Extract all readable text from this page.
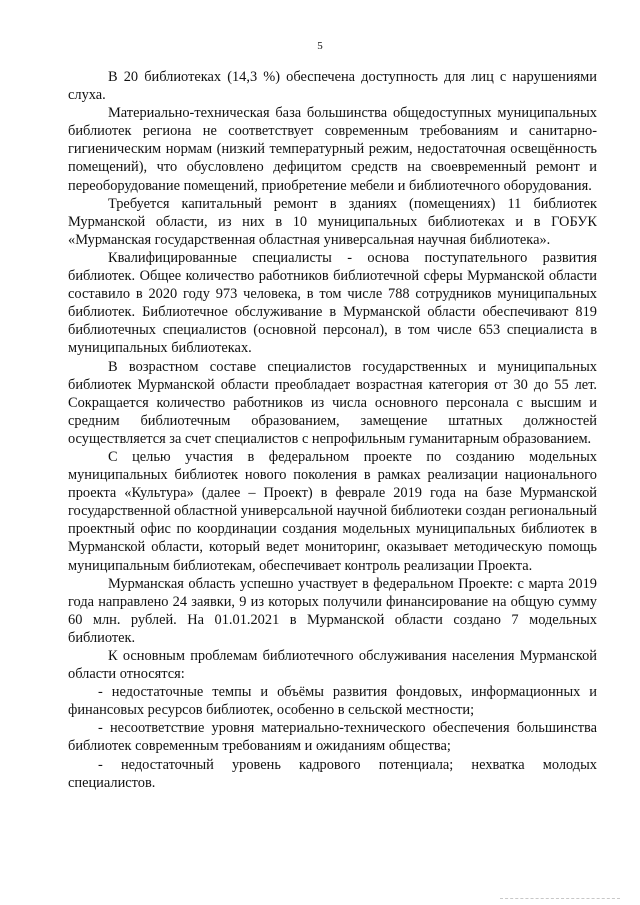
5

В 20 библиотеках (14,3 %) обеспечена доступность для лиц с нарушениями слуха.

Материально-техническая база большинства общедоступных муниципальных библиотек региона не соответствует современным требованиям и санитарно-гигиеническим нормам (низкий температурный режим, недостаточная освещённость помещений), что обусловлено дефицитом средств на своевременный ремонт и переоборудование помещений, приобретение мебели и библиотечного оборудования.

Требуется капитальный ремонт в зданиях (помещениях) 11 библиотек Мурманской области, из них в 10 муниципальных библиотеках и в ГОБУК «Мурманская государственная областная универсальная научная библиотека».

Квалифицированные специалисты - основа поступательного развития библиотек. Общее количество работников библиотечной сферы Мурманской области составило в 2020 году 973 человека, в том числе 788 сотрудников муниципальных библиотек. Библиотечное обслуживание в Мурманской области обеспечивают 819 библиотечных специалистов (основной персонал), в том числе 653 специалиста в муниципальных библиотеках.

В возрастном составе специалистов государственных и муниципальных библиотек Мурманской области преобладает возрастная категория от 30 до 55 лет. Сокращается количество работников из числа основного персонала с высшим и средним библиотечным образованием, замещение штатных должностей осуществляется за счет специалистов с непрофильным гуманитарным образованием.

С целью участия в федеральном проекте по созданию модельных муниципальных библиотек нового поколения в рамках реализации национального проекта «Культура» (далее – Проект) в феврале 2019 года на базе Мурманской государственной областной универсальной научной библиотеки создан региональный проектный офис по координации создания модельных муниципальных библиотек в Мурманской области, который ведет мониторинг, оказывает методическую помощь муниципальным библиотекам, обеспечивает контроль реализации Проекта.

Мурманская область успешно участвует в федеральном Проекте: с марта 2019 года направлено 24 заявки, 9 из которых получили финансирование на общую сумму 60 млн. рублей. На 01.01.2021 в Мурманской области создано 7 модельных библиотек.

К основным проблемам библиотечного обслуживания населения Мурманской области относятся:

- недостаточные темпы и объёмы развития фондовых, информационных и финансовых ресурсов библиотек, особенно в сельской местности;

- несоответствие уровня материально-технического обеспечения большинства библиотек современным требованиям и ожиданиям общества;

- недостаточный уровень кадрового потенциала; нехватка молодых специалистов.
